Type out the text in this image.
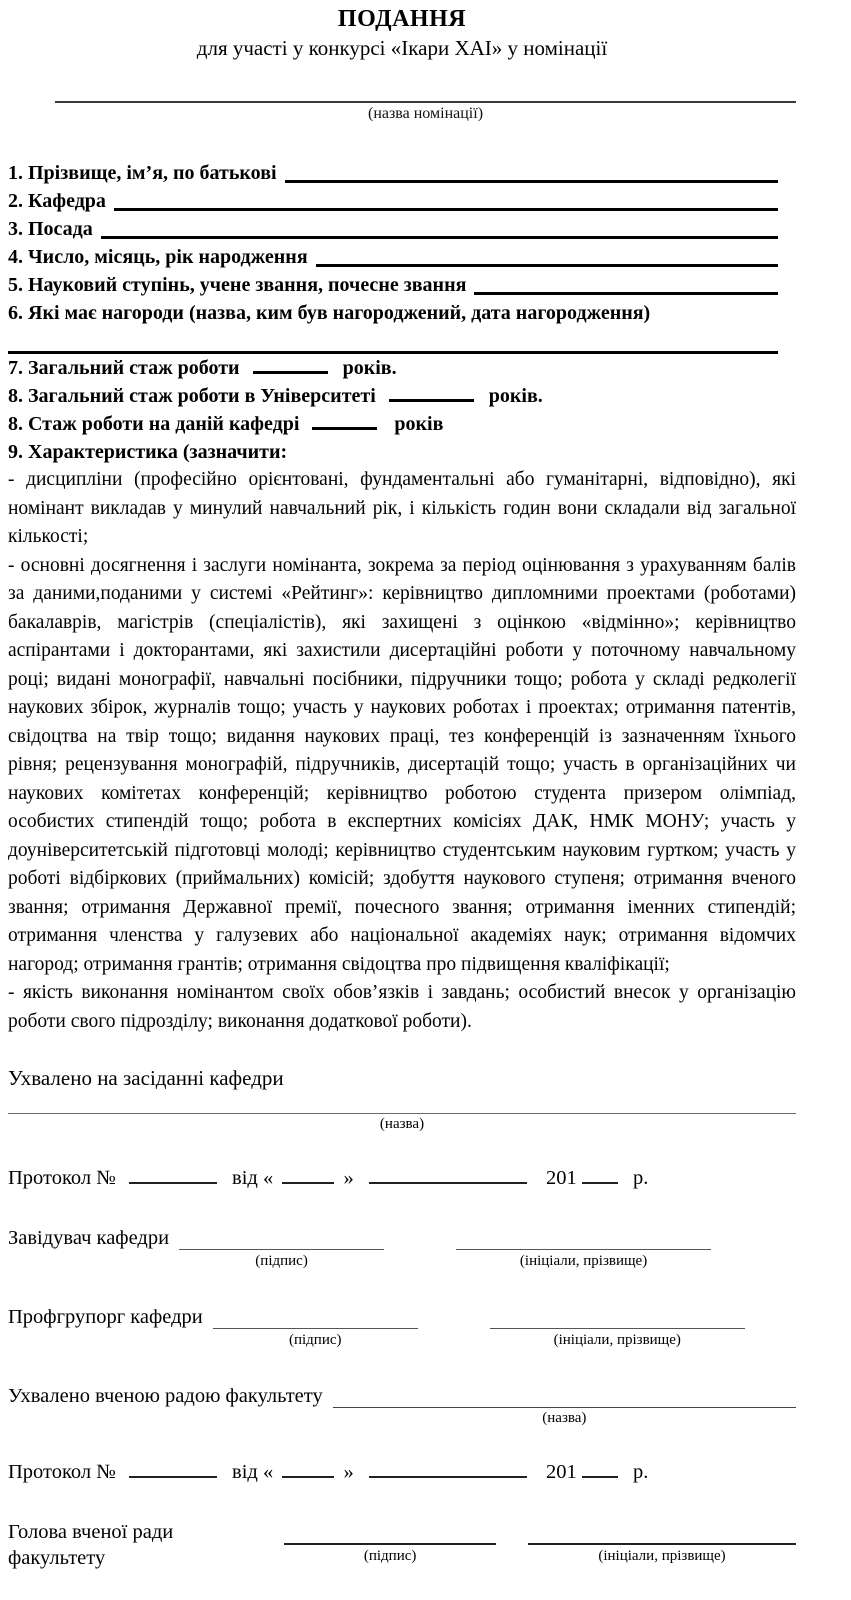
ПОДАННЯ
для участі у конкурсі «Ікари ХАІ» у номінації
(назва номінації)
1. Прізвище, ім’я, по батькові
2. Кафедра
3. Посада
4. Число, місяць, рік народження
5. Науковий ступінь, учене звання, почесне звання
6. Які має нагороди (назва, ким був нагороджений, дата нагородження)
7. Загальний стаж роботи	років.
8. Загальний стаж роботи в Університеті	років.
8. Стаж роботи на даній кафедрі	років
9. Характеристика (зазначити:

- дисципліни (професійно орієнтовані, фундаментальні або гуманітарні, відповідно), які номінант викладав у минулий навчальний рік, і кількість годин вони складали від загальної кількості;

- основні досягнення і заслуги номінанта, зокрема за період оцінювання з урахуванням балів за даними,поданими у системі «Рейтинг»: керівництво дипломними проектами (роботами) бакалаврів, магістрів (спеціалістів), які захищені з оцінкою «відмінно»; керівництво аспірантами і докторантами, які захистили дисертаційні роботи у поточному навчальному році; видані монографії, навчальні посібники, підручники тощо; робота у складі редколегії наукових збірок, журналів тощо; участь у наукових роботах і проектах; отримання патентів, свідоцтва на твір тощо; видання наукових праці, тез конференцій із зазначенням їхнього рівня; рецензування монографій, підручників, дисертацій тощо; участь в організаційних чи наукових комітетах конференцій; керівництво роботою студента призером олімпіад, особистих стипендій тощо; робота в експертних комісіях ДАК, НМК МОНУ; участь у доуніверситетській підготовці молоді; керівництво студентським науковим гуртком; участь у роботі відбіркових (приймальних) комісій; здобуття наукового ступеня; отримання вченого звання; отримання Державної премії, почесного звання; отримання іменних стипендій; отримання членства у галузевих або національної академіях наук; отримання відомчих нагород; отримання грантів; отримання свідоцтва про підвищення кваліфікації;

- якість виконання номінантом своїх обов’язків і завдань; особистий внесок у організацію роботи свого підрозділу; виконання додаткової роботи).

Ухвалено на засіданні кафедри
(назва)
Протокол №	від «	»	201	р.
Завідувач кафедри
(підпис)	(ініціали, прізвище)
Профгрупорг кафедри
(підпис)	(ініціали, прізвище)
Ухвалено вченою радою факультету
(назва)
Протокол №	від «	»	201	р.
Голова вченої ради факультету	(підпис)	(ініціали, прізвище)
